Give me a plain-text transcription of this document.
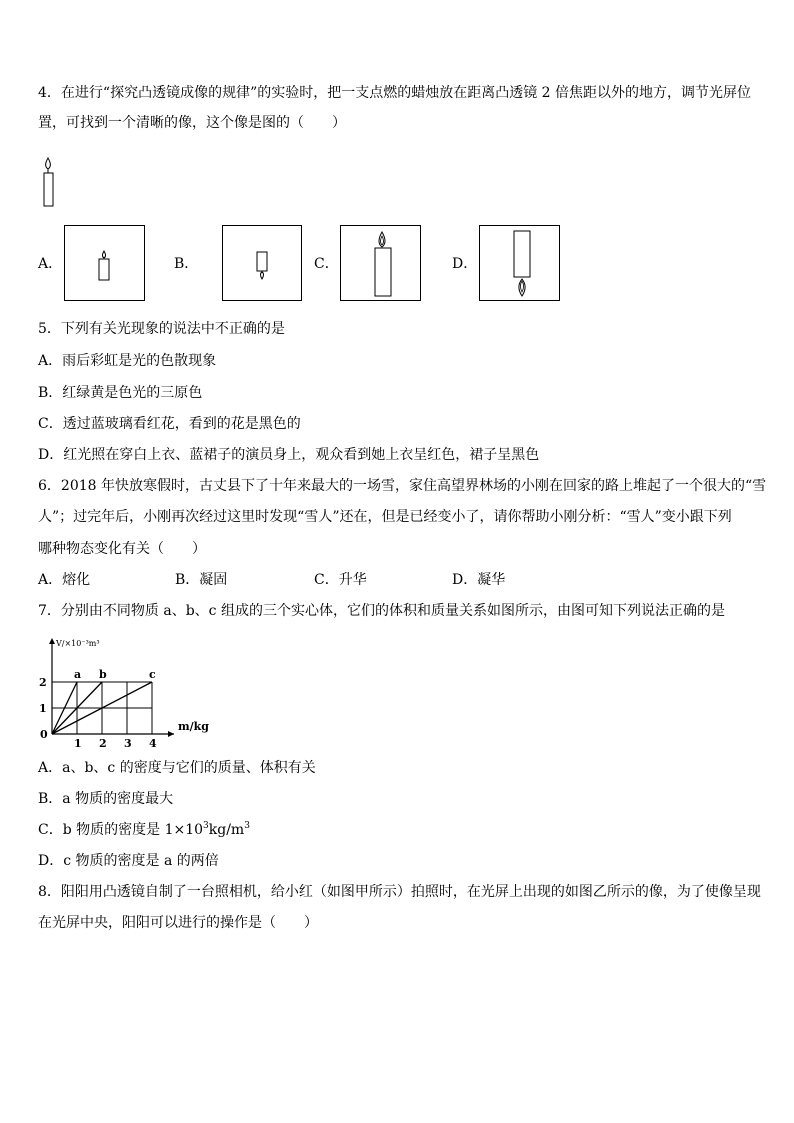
4．在进行“探究凸透镜成像的规律”的实验时，把一支点燃的蜡烛放在距离凸透镜 2 倍焦距以外的地方，调节光屏位
置，可找到一个清晰的像，这个像是图的（　　）
A．	B．	C．	D．
5．下列有关光现象的说法中不正确的是
A．雨后彩虹是光的色散现象
B．红绿黄是色光的三原色
C．透过蓝玻璃看红花，看到的花是黑色的
D．红光照在穿白上衣、蓝裙子的演员身上，观众看到她上衣呈红色，裙子呈黑色
6．2018 年快放寒假时，古丈县下了十年来最大的一场雪，家住高望界林场的小刚在回家的路上堆起了一个很大的“雪
人”；过完年后，小刚再次经过这里时发现“雪人”还在，但是已经变小了，请你帮助小刚分析：“雪人”变小跟下列
哪种物态变化有关（　　）
A．熔化	B．凝固	C．升华	D．凝华
7．分别由不同物质 a、b、c 组成的三个实心体，它们的体积和质量关系如图所示，由图可知下列说法正确的是
a b	c
1 2 3 4
1
2
0
m/kg
V/×10⁻³m³
A．a、b、c 的密度与它们的质量、体积有关
B．a 物质的密度最大
C．b 物质的密度是 $1\times 10^3kg/m^3$
D．c 物质的密度是 a 的两倍
8．阳阳用凸透镜自制了一台照相机，给小红（如图甲所示）拍照时，在光屏上出现的如图乙所示的像，为了使像呈现
在光屏中央，阳阳可以进行的操作是（　　）
